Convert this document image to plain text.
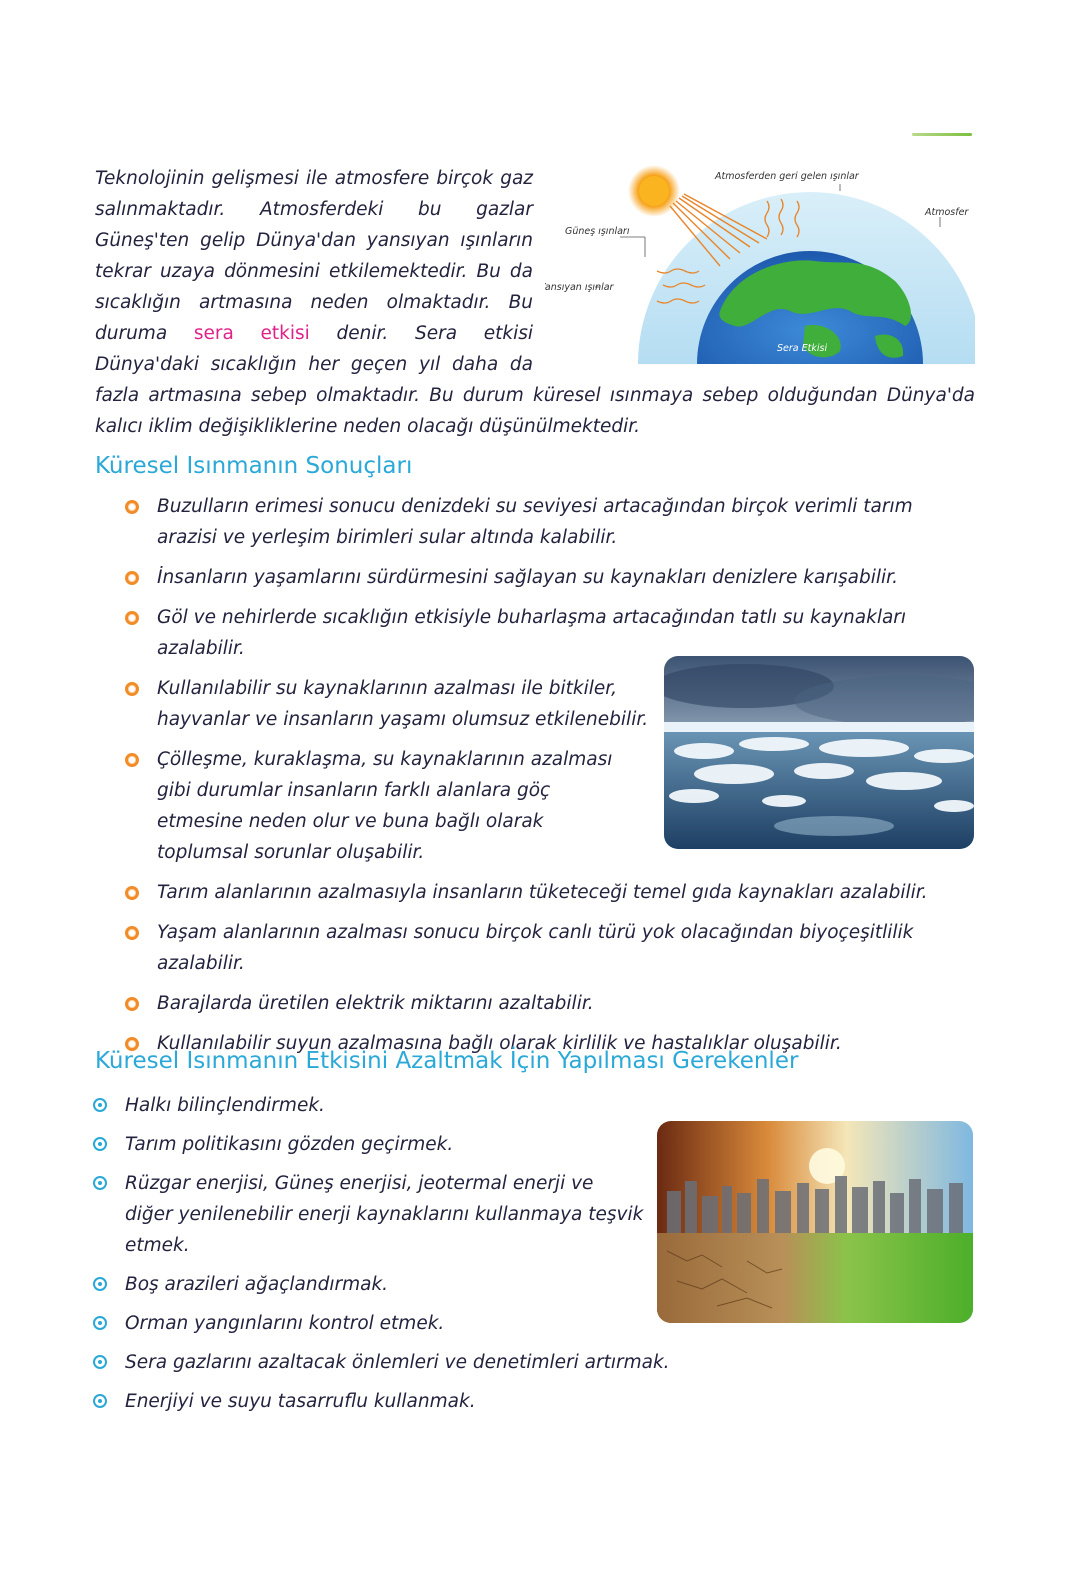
Atmosferden geri gelen ışınlar
Atmosfer
Güneş ışınları
Yansıyan ışınlar
Sera Etkisi

Teknolojinin gelişmesi ile atmosfere birçok gaz salınmaktadır. Atmosferdeki bu gazlar Güneş'ten gelip Dünya'dan yansıyan ışınların tekrar uzaya dönmesini etkilemektedir. Bu da sıcaklığın artmasına neden olmaktadır. Bu duruma sera etkisi denir. Sera etkisi Dünya'daki sıcaklığın her geçen yıl daha da fazla artmasına sebep olmaktadır. Bu durum küresel ısınmaya sebep olduğundan Dünya'da kalıcı iklim değişikliklerine neden olacağı düşünülmektedir.

Küresel Isınmanın Sonuçları
Buzulların erimesi sonucu denizdeki su seviyesi artacağından birçok verimli tarım arazisi ve yerleşim birimleri sular altında kalabilir.
İnsanların yaşamlarını sürdürmesini sağlayan su kaynakları denizlere karışabilir.
Göl ve nehirlerde sıcaklığın etkisiyle buharlaşma artacağından tatlı su kaynakları azalabilir.
Kullanılabilir su kaynaklarının azalması ile bitkiler, hayvanlar ve insanların yaşamı olumsuz etkilenebilir.
Çölleşme, kuraklaşma, su kaynaklarının azalması gibi durumlar insanların farklı alanlara göç etmesine neden olur ve buna bağlı olarak toplumsal sorunlar oluşabilir.
Tarım alanlarının azalmasıyla insanların tüketeceği temel gıda kaynakları azalabilir.
Yaşam alanlarının azalması sonucu birçok canlı türü yok olacağından biyoçeşitlilik azalabilir.
Barajlarda üretilen elektrik miktarını azaltabilir.
Kullanılabilir suyun azalmasına bağlı olarak kirlilik ve hastalıklar oluşabilir.
Küresel Isınmanın Etkisini Azaltmak İçin Yapılması Gerekenler
Halkı bilinçlendirmek.
Tarım politikasını gözden geçirmek.
Rüzgar enerjisi, Güneş enerjisi, jeotermal enerji ve diğer yenilenebilir enerji kaynaklarını kullanmaya teşvik etmek.
Boş arazileri ağaçlandırmak.
Orman yangınlarını kontrol etmek.
Sera gazlarını azaltacak önlemleri ve denetimleri artırmak.
Enerjiyi ve suyu tasarruflu kullanmak.
